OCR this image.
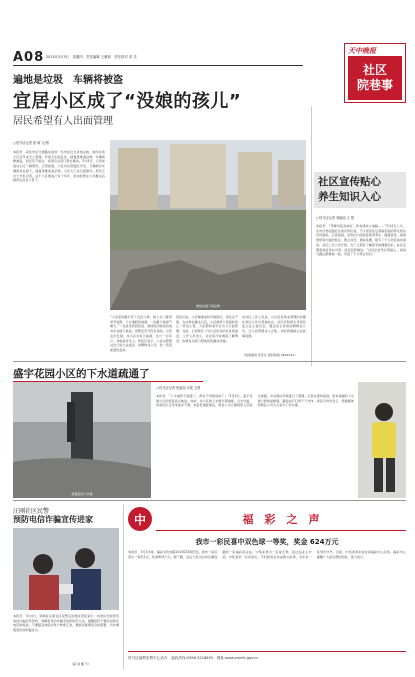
A08 2015年3月5日　星期四　责任编辑 王雅莉　责任校对 邓 灵
天中晚报
社区
院巷事
遍地是垃圾　车辆将被盗
宜居小区成了“没娘的孩儿”
居民希望有人出面管理
□驻马店记者 张 晓 文/图
本报讯　家住市区交通路东段的一名市民近日来电反映，他所在的小区近年来无人管理，环境卫生脏乱差，楼道里堆满杂物，车辆频繁被盗，居民苦不堪言，希望有关部门帮忙解决。3月4日，记者来到该小区了解情况。记者看到，小区内垃圾随处可见，几辆破旧车辆停放在楼下，楼道里堆放着杂物，小区大门也已经损坏。居民王女士告诉记者，这个小区建成已有十多年，原来的物业公司撤走后就再也没有人管了。
堆放在楼下的杂物
“小区里的路灯坏了也没人修，晚上出门都得拿手电筒，下水道经常堵塞，一到夏天就臭气熏天。”一位姓李的居民说，前段时间他家的电动车在楼下被盗，报警后至今没有找回。记者走访发现，该小区共有几栋楼，住户一百多户，多数是老年人。居民们表示，大家也曾想过自己成立业委会，选聘物业公司，但一直没能组织起来。
居民们说，小区刚建成时环境很好，绿化也不错，自从物业撤走以后，小区就像个没娘的孩儿一样没人管，大家都盼着早日有人出面管理。对此，记者联系了该小区所在的社区居委会，工作人员表示，社区将尽快调查了解情况，协调有关部门帮助居民解决问题。
该社区工作人员说，小区没有物业管理的问题在老旧小区中普遍存在，社区会积极引导居民成立业主委员会，通过民主协商选聘物业公司，让小区管理步入正轨。本报将继续关注此事进展。
（线索提供 张先生 报料热线 2832110）
社区宣传贴心
养生知识入心
□驻马店记者 刘丽丽 文 图
本报讯　“早睡早起身体好，饮食清淡少油腻……”3月4日上午，在市区雪松路社区的宣传栏前，不少居民驻足观看张贴的养生知识宣传展板。记者看到，宣传栏内张贴着春季养生、健康饮食、疾病预防等方面的知识，图文并茂，通俗易懂，吸引了不少居民前来阅读。社区工作人员介绍，为了让居民了解更多的健康知识，社区定期更换宣传栏内容。居民张阿姨说：“社区的宣传栏很贴心，我每天路过都要看一看，学到了不少养生知识。”
盛宇花园小区的下水道疏通了
疏通后的下水道
□驻马店记者 张丽丽 本报 文图
本报讯　“下水道终于疏通了，再也不用闻臭味了！”3月4日，盛宇花园小区的居民高兴地说。此前，该小区的下水道长期堵塞，污水外溢，给居民出行带来诸多不便。本报报道此事后，物业公司立即组织人员进行疏通，并对周边环境进行了清理。记者在现场看到，原本堵塞的下水道已经恢复畅通，路面也打扫得干干净净。居民们纷纷表示，感谢媒体和物业公司为大家办了件实事。
汪刚社区民警
预防电信诈骗宣传进家
本报讯　3月4日，驿城区汪刚社区民警走进辖区居民家中，向居民发放防范电信诈骗宣传资料，讲解常见的诈骗手段和防范方法，提醒居民不要轻信陌生电话和短信，不要随意向陌生账户转账汇款，遇到可疑情况及时报警，切实增强居民的防骗意识。
（高 祠 摄 予）
中	福　彩　之　声
我市一彩民喜中双色球一等奖，奖金 624万元
本报讯　3月3日晚，福彩双色球第2015025期开奖，我市一彩民喜中一等奖1注，奖金624万元。据了解，这注大奖出自市区解放路的一家福彩投注站，中奖彩票为一张复式票。投注站业主介绍，中奖者是一名老彩民，平时经常在该站购买彩票，多年来一直坚持守号。目前，中奖者尚未前往省福彩中心兑奖。福彩中心提醒广大彩民理性购彩，量力而行。
驻马店福利彩票中心协办　福彩热线:0396-3218855　网址:www.zmdfc.gov.cn
